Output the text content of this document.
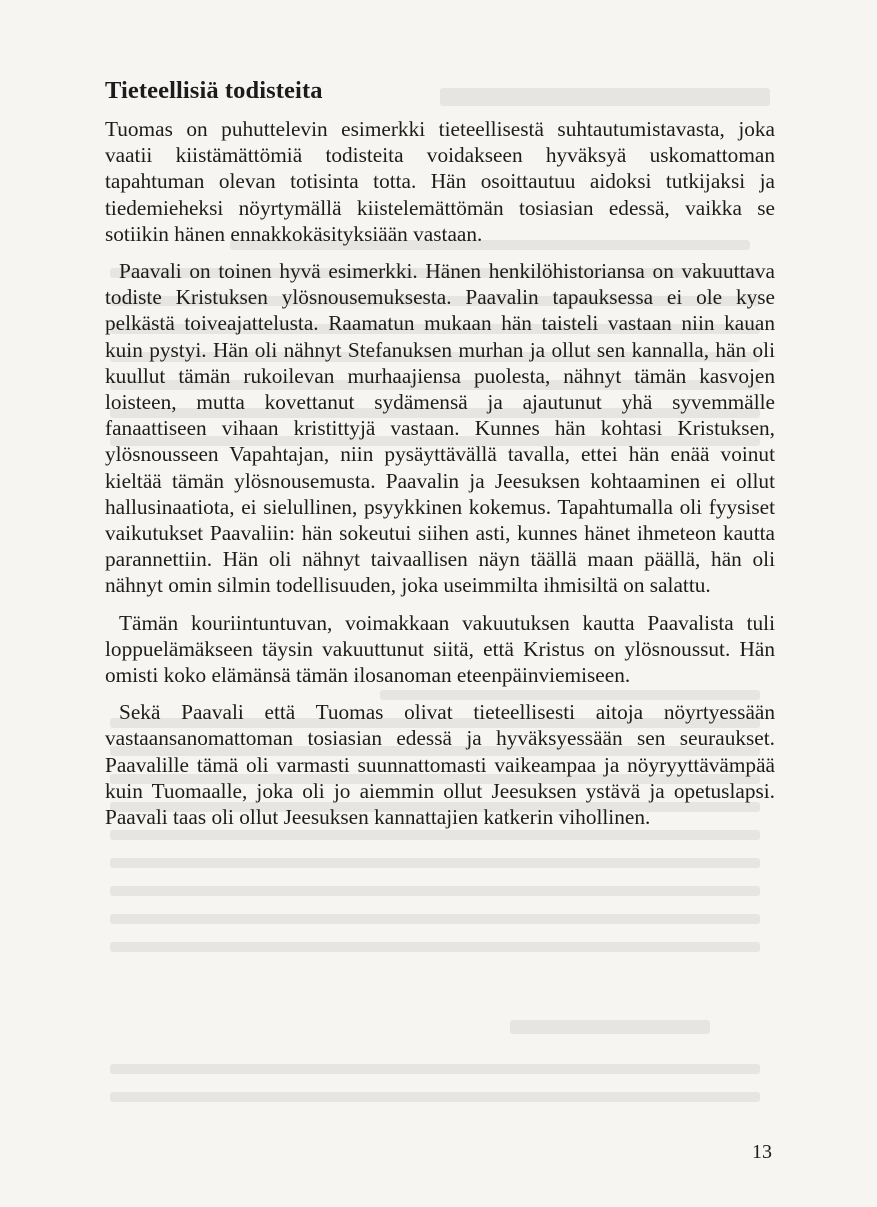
Tieteellisiä todisteita

Tuomas on puhuttelevin esimerkki tieteellisestä suhtautumistavasta, joka vaatii kiistämättömiä todisteita voidakseen hyväksyä uskomattoman tapahtuman olevan totisinta totta. Hän osoittautuu aidoksi tutkijaksi ja tiedemieheksi nöyrtymällä kiistelemättömän tosiasian edessä, vaikka se sotiikin hänen ennakkokäsityksiään vastaan.

Paavali on toinen hyvä esimerkki. Hänen henkilöhistoriansa on vakuuttava todiste Kristuksen ylösnousemuksesta. Paavalin tapauksessa ei ole kyse pelkästä toiveajattelusta. Raamatun mukaan hän taisteli vastaan niin kauan kuin pystyi. Hän oli nähnyt Stefanuksen murhan ja ollut sen kannalla, hän oli kuullut tämän rukoilevan murhaajiensa puolesta, nähnyt tämän kasvojen loisteen, mutta kovettanut sydämensä ja ajautunut yhä syvemmälle fanaattiseen vihaan kristittyjä vastaan. Kunnes hän kohtasi Kristuksen, ylösnousseen Vapahtajan, niin pysäyttävällä tavalla, ettei hän enää voinut kieltää tämän ylösnousemusta. Paavalin ja Jeesuksen kohtaaminen ei ollut hallusinaatiota, ei sielullinen, psyykkinen kokemus. Tapahtumalla oli fyysiset vaikutukset Paavaliin: hän sokeutui siihen asti, kunnes hänet ihmeteon kautta parannettiin. Hän oli nähnyt taivaallisen näyn täällä maan päällä, hän oli nähnyt omin silmin todellisuuden, joka useimmilta ihmisiltä on salattu.

Tämän kouriintuntuvan, voimakkaan vakuutuksen kautta Paavalista tuli loppuelämäkseen täysin vakuuttunut siitä, että Kristus on ylösnoussut. Hän omisti koko elämänsä tämän ilosanoman eteenpäinviemiseen.

Sekä Paavali että Tuomas olivat tieteellisesti aitoja nöyrtyessään vastaansanomattoman tosiasian edessä ja hyväksyessään sen seuraukset. Paavalille tämä oli varmasti suunnattomasti vaikeampaa ja nöyryyttävämpää kuin Tuomaalle, joka oli jo aiemmin ollut Jeesuksen ystävä ja opetuslapsi. Paavali taas oli ollut Jeesuksen kannattajien katkerin vihollinen.

13
